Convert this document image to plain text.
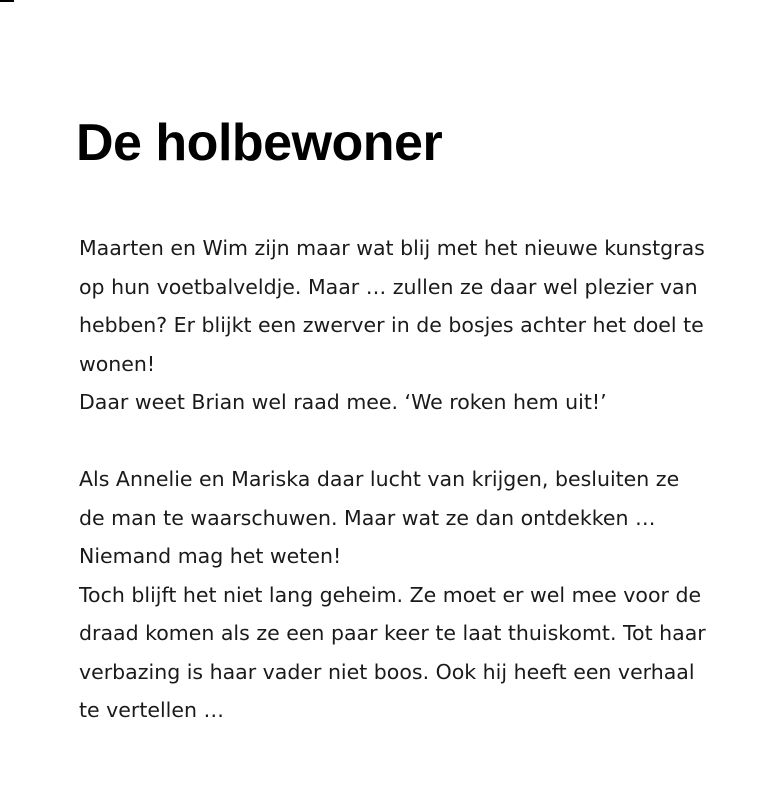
De holbewoner
Maarten en Wim zijn maar wat blij met het nieuwe kunstgras
op hun voetbalveldje. Maar … zullen ze daar wel plezier van
hebben? Er blijkt een zwerver in de bosjes achter het doel te
wonen!
Daar weet Brian wel raad mee. ‘We roken hem uit!’
Als Annelie en Mariska daar lucht van krijgen, besluiten ze
de man te waarschuwen. Maar wat ze dan ontdekken …
Niemand mag het weten!
Toch blijft het niet lang geheim. Ze moet er wel mee voor de
draad komen als ze een paar keer te laat thuiskomt. Tot haar
verbazing is haar vader niet boos. Ook hij heeft een verhaal
te vertellen …
